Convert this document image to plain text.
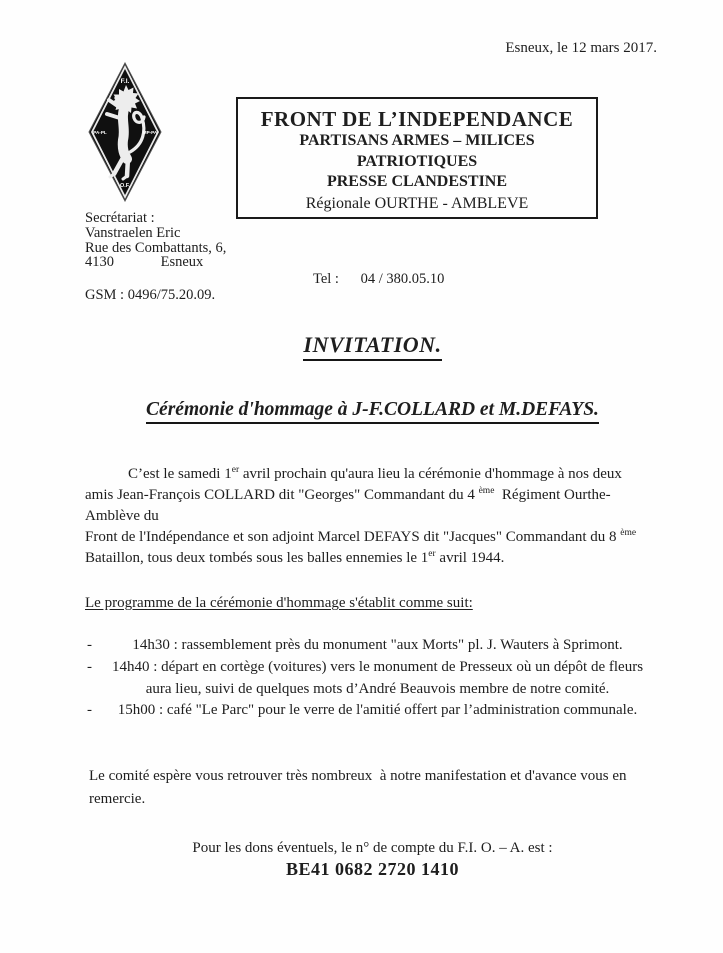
Esneux, le 12 mars 2017.
F.I.
PA-PL	MP-PA
O.F.
FRONT DE L’INDEPENDANCE
PARTISANS ARMES – MILICES PATRIOTIQUES
PRESSE CLANDESTINE
Régionale OURTHE - AMBLEVE
Secrétariat :
Vanstraelen Eric
Rue des Combattants, 6,
4130	Esneux
GSM : 0496/75.20.09.
Tel : 04 / 380.05.10
INVITATION.
Cérémonie d'hommage à J-F.COLLARD et M.DEFAYS.
C’est le samedi 1er avril prochain qu'aura lieu la cérémonie d'hommage à nos deux
amis Jean-François COLLARD dit "Georges" Commandant du 4 $^{ème}$  Régiment Ourthe-
Amblève du
Front de l'Indépendance et son adjoint Marcel DEFAYS dit "Jacques" Commandant du 8 $^{ème}$
Bataillon, tous deux tombés sous les balles ennemies le 1er avril 1944.
Le programme de la cérémonie d'hommage s'établit comme suit:
-	14h30 : rassemblement près du monument "aux Morts" pl. J. Wauters à Sprimont.
-	14h40 : départ en cortège (voitures) vers le monument de Presseux où un dépôt de fleurs
aura lieu, suivi de quelques mots d’André Beauvois membre de notre comité.
-	15h00 : café "Le Parc" pour le verre de l'amitié offert par l’administration communale.
Le comité espère vous retrouver très nombreux  à notre manifestation et d'avance vous en
remercie.
Pour les dons éventuels, le n° de compte du F.I. O. – A. est :
BE41 0682 2720 1410
